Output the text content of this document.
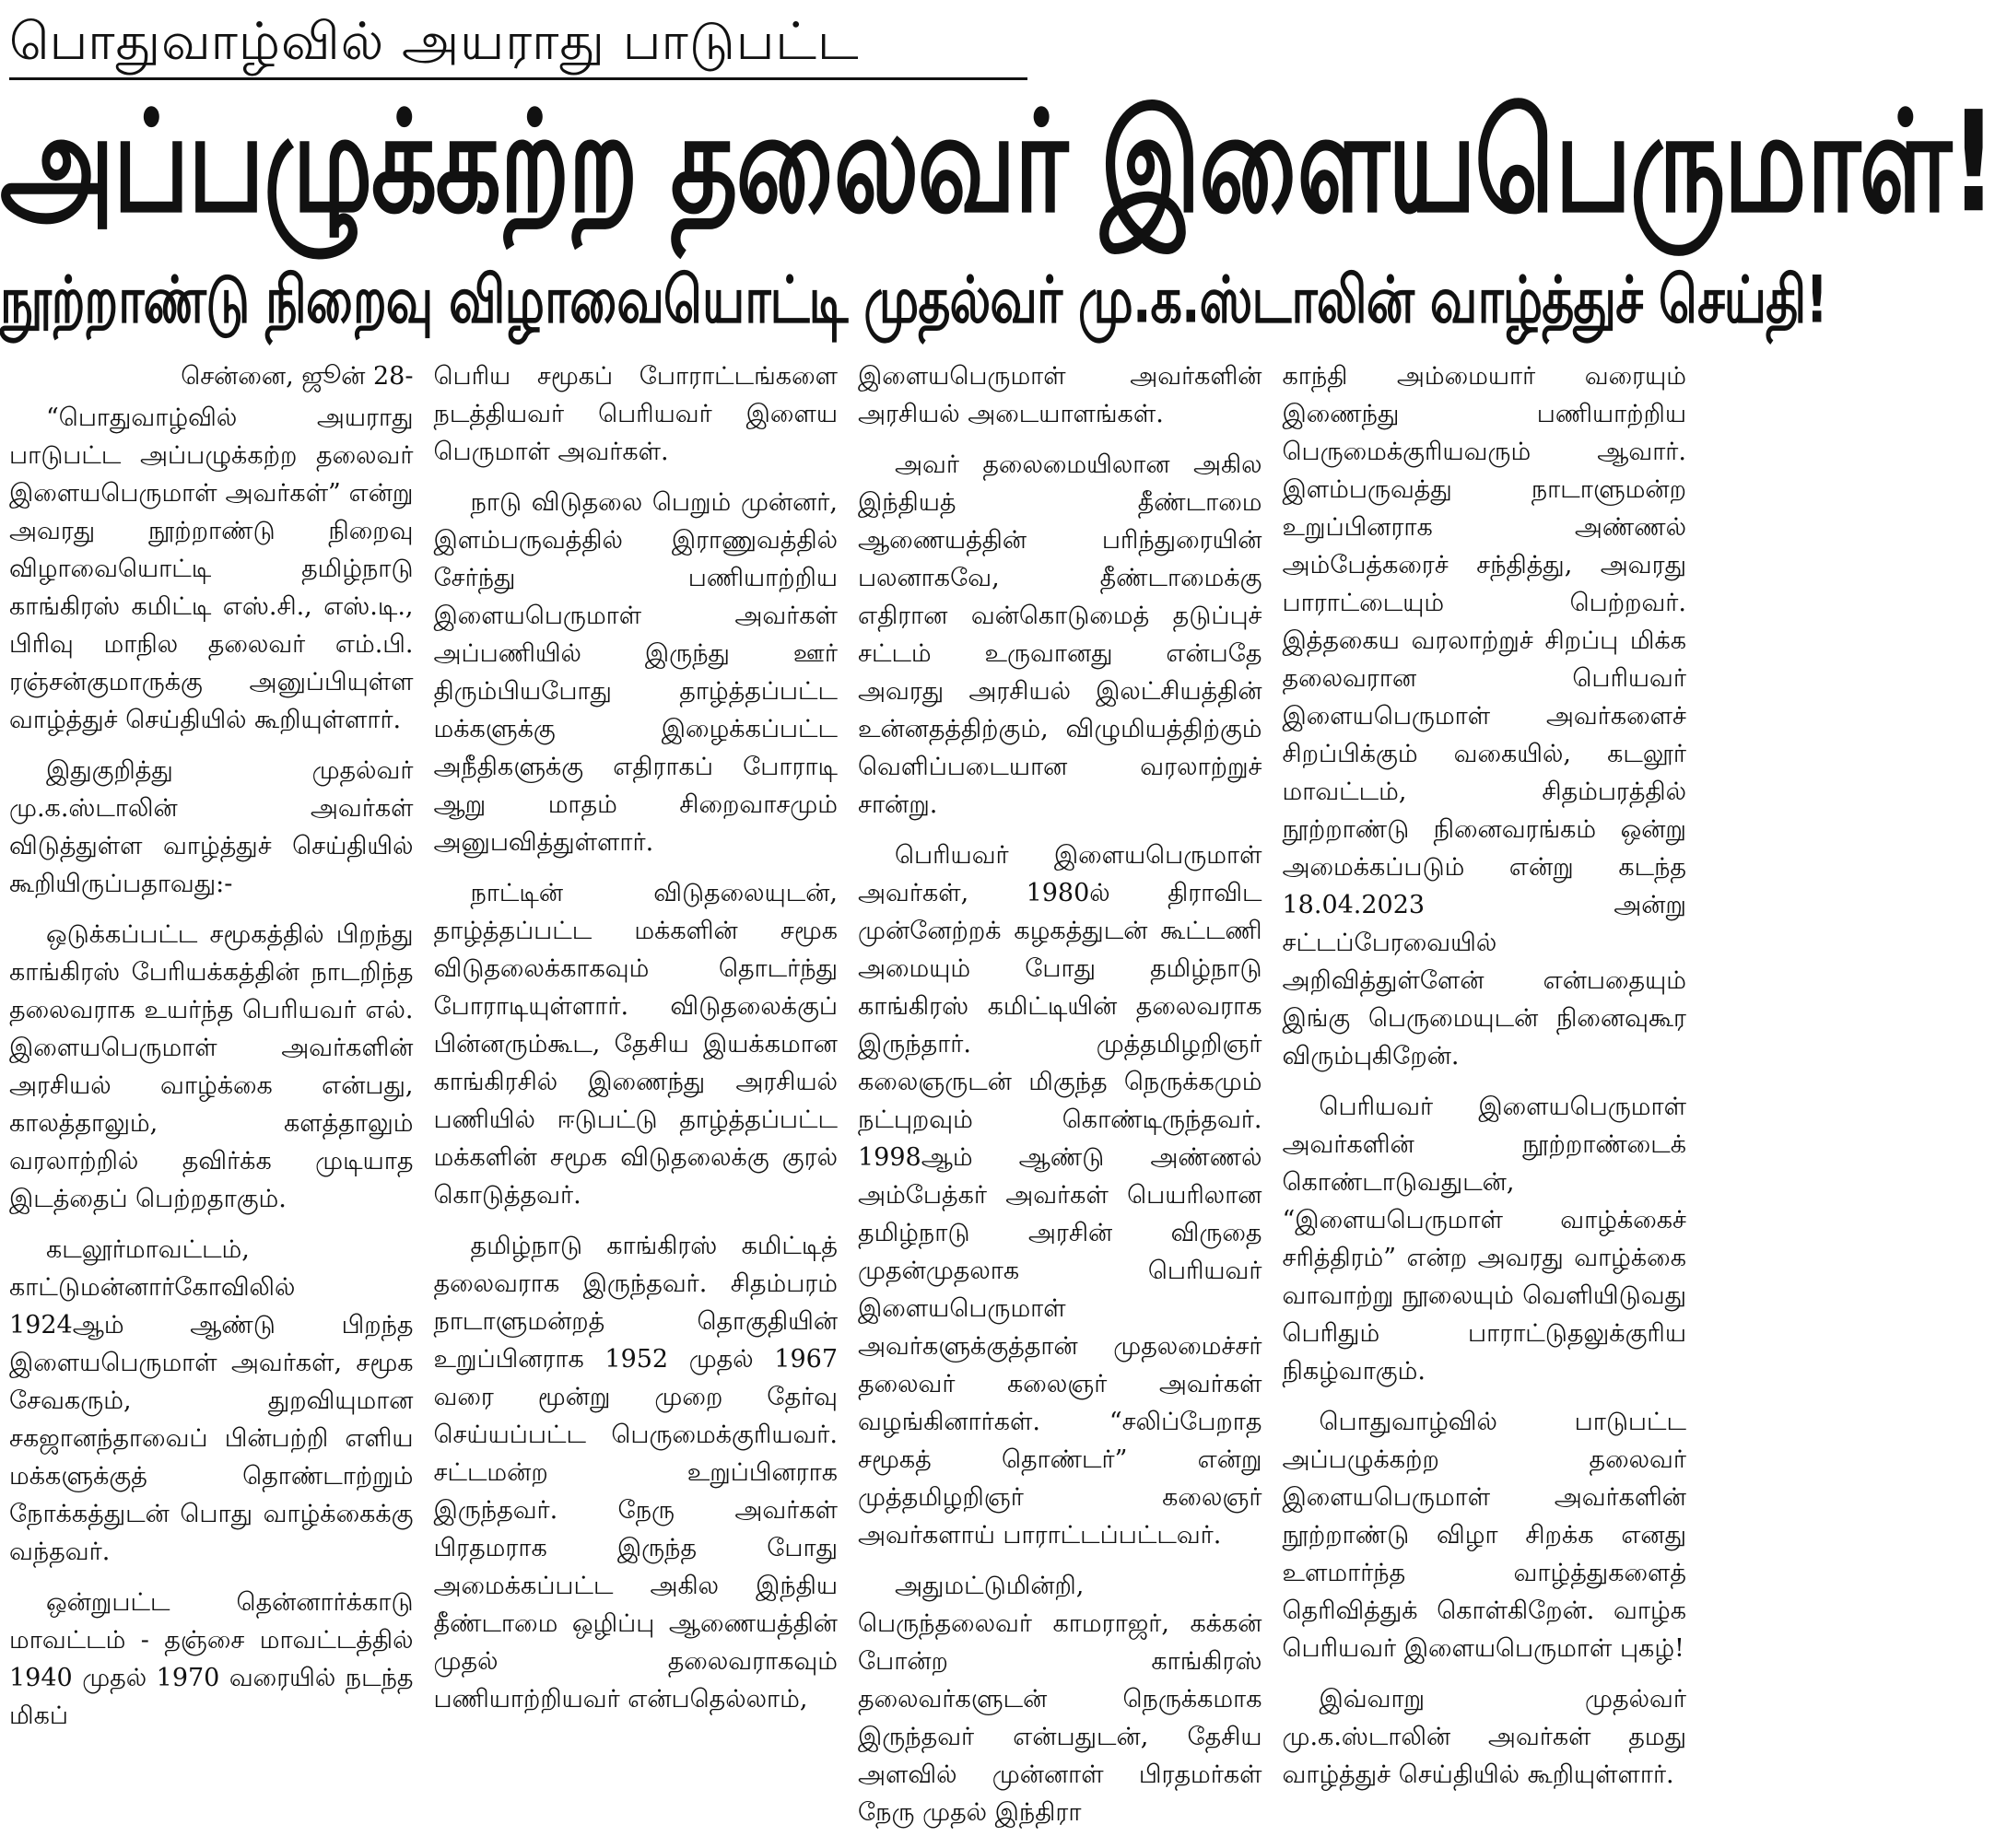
பொதுவாழ்வில் அயராது பாடுபட்ட
அப்பழுக்கற்ற தலைவர் இளையபெருமாள்!
நூற்றாண்டு நிறைவு விழாவையொட்டி முதல்வர் மு.க.ஸ்டாலின் வாழ்த்துச் செய்தி!

சென்னை, ஜூன் 28-

“பொதுவாழ்வில் அயராது பாடுபட்ட அப்பழுக்கற்ற தலைவர் இளையபெருமாள் அவர்கள்” என்று அவரது நூற்றாண்டு நிறைவு விழாவையொட்டி தமிழ்நாடு காங்கிரஸ் கமிட்டி எஸ்.சி., எஸ்.டி., பிரிவு மாநில தலைவர் எம்.பி. ரஞ்சன்குமாருக்கு அனுப்பியுள்ள வாழ்த்துச் செய்தியில் கூறியுள்ளார்.

இதுகுறித்து முதல்வர் மு.க.ஸ்டாலின் அவர்கள் விடுத்துள்ள வாழ்த்துச் செய்தியில் கூறியிருப்பதாவது:-

ஒடுக்கப்பட்ட சமூகத்தில் பிறந்து காங்கிரஸ் பேரியக்கத்தின் நாடறிந்த தலைவராக உயர்ந்த பெரியவர் எல். இளையபெருமாள் அவர்களின் அரசியல் வாழ்க்கை என்பது, காலத்தாலும், களத்தாலும் வரலாற்றில் தவிர்க்க முடியாத இடத்தைப் பெற்றதாகும்.

கடலூர்மாவட்டம், காட்டுமன்னார்கோவிலில் 1924ஆம் ஆண்டு பிறந்த இளையபெருமாள் அவர்கள், சமூக சேவகரும், துறவியுமான சகஜானந்தாவைப் பின்பற்றி எளிய மக்களுக்குத் தொண்டாற்றும் நோக்கத்துடன் பொது வாழ்க்கைக்கு வந்தவர்.

ஒன்றுபட்ட தென்னார்க்காடு மாவட்டம் - தஞ்சை மாவட்டத்தில் 1940 முதல் 1970 வரையில் நடந்த மிகப்

பெரிய சமூகப் போராட்டங்களை நடத்தியவர் பெரியவர் இளைய பெருமாள் அவர்கள்.

நாடு விடுதலை பெறும் முன்னர், இளம்பருவத்தில் இராணுவத்தில் சேர்ந்து பணியாற்றிய இளையபெருமாள் அவர்கள் அப்பணியில் இருந்து ஊர் திரும்பியபோது தாழ்த்தப்பட்ட மக்களுக்கு இழைக்கப்பட்ட அநீதிகளுக்கு எதிராகப் போராடி ஆறு மாதம் சிறைவாசமும் அனுபவித்துள்ளார்.

நாட்டின் விடுதலையுடன், தாழ்த்தப்பட்ட மக்களின் சமூக விடுதலைக்காகவும் தொடர்ந்து போராடியுள்ளார். விடுதலைக்குப் பின்னரும்கூட, தேசிய இயக்கமான காங்கிரசில் இணைந்து அரசியல் பணியில் ஈடுபட்டு தாழ்த்தப்பட்ட மக்களின் சமூக விடுதலைக்கு குரல் கொடுத்தவர்.

தமிழ்நாடு காங்கிரஸ் கமிட்டித் தலைவராக இருந்தவர். சிதம்பரம் நாடாளுமன்றத் தொகுதியின் உறுப்பினராக 1952 முதல் 1967 வரை மூன்று முறை தேர்வு செய்யப்பட்ட பெருமைக்குரியவர். சட்டமன்ற உறுப்பினராக இருந்தவர். நேரு அவர்கள் பிரதமராக இருந்த போது அமைக்கப்பட்ட அகில இந்திய தீண்டாமை ஒழிப்பு ஆணையத்தின் முதல் தலைவராகவும் பணியாற்றியவர் என்பதெல்லாம்,

இளையபெருமாள் அவர்களின் அரசியல் அடையாளங்கள்.

அவர் தலைமையிலான அகில இந்தியத் தீண்டாமை ஆணையத்தின் பரிந்துரையின் பலனாகவே, தீண்டாமைக்கு எதிரான வன்கொடுமைத் தடுப்புச் சட்டம் உருவானது என்பதே அவரது அரசியல் இலட்சியத்தின் உன்னதத்திற்கும், விழுமியத்திற்கும் வெளிப்படையான வரலாற்றுச் சான்று.

பெரியவர் இளையபெருமாள் அவர்கள், 1980ல் திராவிட முன்னேற்றக் கழகத்துடன் கூட்டணி அமையும் போது தமிழ்நாடு காங்கிரஸ் கமிட்டியின் தலைவராக இருந்தார். முத்தமிழறிஞர் கலைஞருடன் மிகுந்த நெருக்கமும் நட்புறவும் கொண்டிருந்தவர். 1998ஆம் ஆண்டு அண்ணல் அம்பேத்கர் அவர்கள் பெயரிலான தமிழ்நாடு அரசின் விருதை முதன்முதலாக பெரியவர் இளையபெருமாள் அவர்களுக்குத்தான் முதலமைச்சர் தலைவர் கலைஞர் அவர்கள் வழங்கினார்கள். “சலிப்பேறாத சமூகத் தொண்டர்” என்று முத்தமிழறிஞர் கலைஞர் அவர்களாய் பாராட்டப்பட்டவர்.

அதுமட்டுமின்றி, பெருந்தலைவர் காமராஜர், கக்கன் போன்ற காங்கிரஸ் தலைவர்களுடன் நெருக்கமாக இருந்தவர் என்பதுடன், தேசிய அளவில் முன்னாள் பிரதமர்கள் நேரு முதல் இந்திரா

காந்தி அம்மையார் வரையும் இணைந்து பணியாற்றிய பெருமைக்குரியவரும் ஆவார். இளம்பருவத்து நாடாளுமன்ற உறுப்பினராக அண்ணல் அம்பேத்கரைச் சந்தித்து, அவரது பாராட்டையும் பெற்றவர். இத்தகைய வரலாற்றுச் சிறப்பு மிக்க தலைவரான பெரியவர் இளையபெருமாள் அவர்களைச் சிறப்பிக்கும் வகையில், கடலூர் மாவட்டம், சிதம்பரத்தில் நூற்றாண்டு நினைவரங்கம் ஒன்று அமைக்கப்படும் என்று கடந்த 18.04.2023 அன்று சட்டப்பேரவையில் அறிவித்துள்ளேன் என்பதையும் இங்கு பெருமையுடன் நினைவுகூர விரும்புகிறேன்.

பெரியவர் இளையபெருமாள் அவர்களின் நூற்றாண்டைக் கொண்டாடுவதுடன், “இளையபெருமாள் வாழ்க்கைச் சரித்திரம்” என்ற அவரது வாழ்க்கை வாவாற்று நூலையும் வெளியிடுவது பெரிதும் பாராட்டுதலுக்குரிய நிகழ்வாகும்.

பொதுவாழ்வில் பாடுபட்ட அப்பழுக்கற்ற தலைவர் இளையபெருமாள் அவர்களின் நூற்றாண்டு விழா சிறக்க எனது உளமார்ந்த வாழ்த்துகளைத் தெரிவித்துக் கொள்கிறேன். வாழ்க பெரியவர் இளையபெருமாள் புகழ்!

இவ்வாறு முதல்வர் மு.க.ஸ்டாலின் அவர்கள் தமது வாழ்த்துச் செய்தியில் கூறியுள்ளார்.
